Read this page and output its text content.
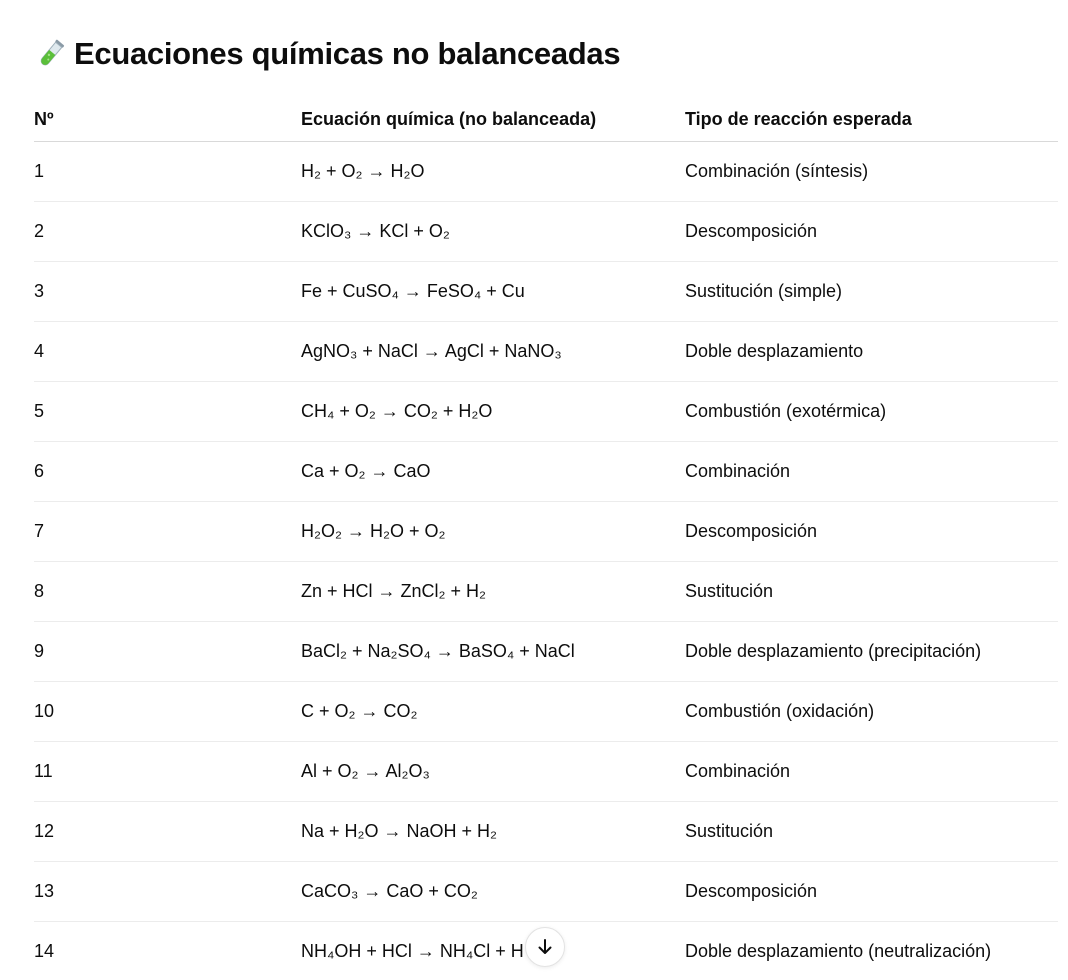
Ecuaciones químicas no balanceadas
Nº	Ecuación química (no balanceada)	Tipo de reacción esperada
1	H₂ + O₂ → H₂O	Combinación (síntesis)
2	KClO₃ → KCl + O₂	Descomposición
3	Fe + CuSO₄ → FeSO₄ + Cu	Sustitución (simple)
4	AgNO₃ + NaCl → AgCl + NaNO₃	Doble desplazamiento
5	CH₄ + O₂ → CO₂ + H₂O	Combustión (exotérmica)
6	Ca + O₂ → CaO	Combinación
7	H₂O₂ → H₂O + O₂	Descomposición
8	Zn + HCl → ZnCl₂ + H₂	Sustitución
9	BaCl₂ + Na₂SO₄ → BaSO₄ + NaCl	Doble desplazamiento (precipitación)
10	C + O₂ → CO₂	Combustión (oxidación)
11	Al + O₂ → Al₂O₃	Combinación
12	Na + H₂O → NaOH + H₂	Sustitución
13	CaCO₃ → CaO + CO₂	Descomposición
14	NH₄OH + HCl → NH₄Cl + H	Doble desplazamiento (neutralización)
